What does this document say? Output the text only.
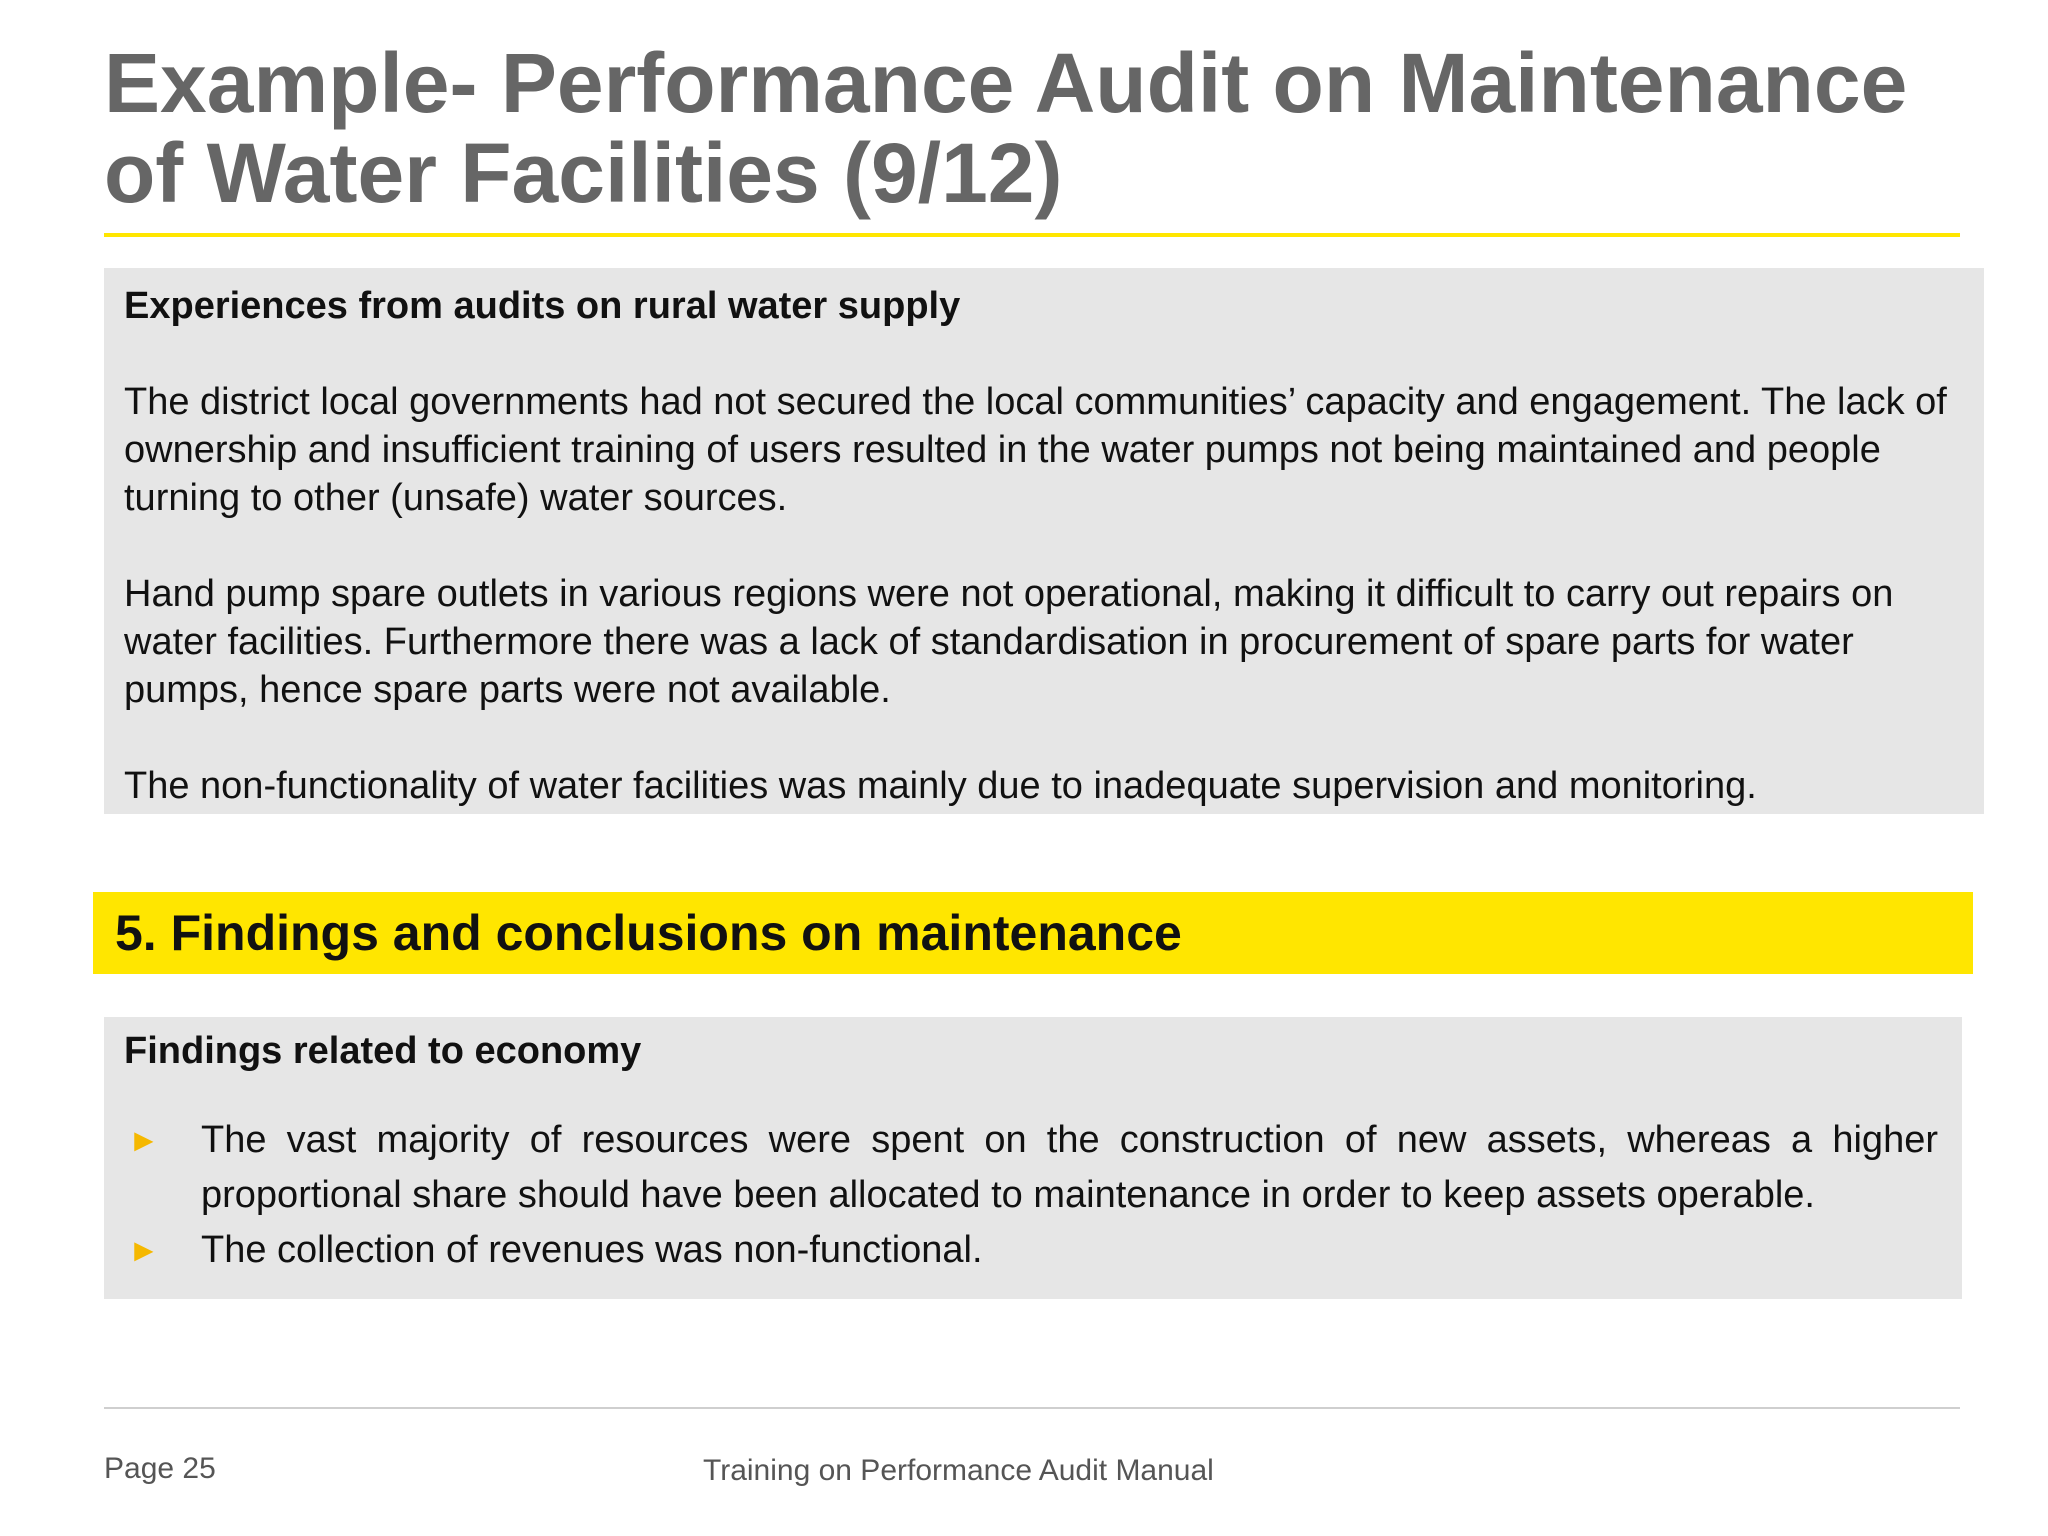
Example- Performance Audit on Maintenance of Water Facilities (9/12)
Experiences from audits on rural water supply
The district local governments had not secured the local communities’ capacity and engagement. The lack of ownership and insufficient training of users resulted in the water pumps not being maintained and people turning to other (unsafe) water sources.
Hand pump spare outlets in various regions were not operational, making it difficult to carry out repairs on water facilities. Furthermore there was a lack of standardisation in procurement of spare parts for water pumps, hence spare parts were not available.
The non-functionality of water facilities was mainly due to inadequate supervision and monitoring.
5. Findings and conclusions on maintenance
Findings related to economy
► The vast majority of resources were spent on the construction of new assets, whereas a higher proportional share should have been allocated to maintenance in order to keep assets operable.
► The collection of revenues was non-functional.
Page 25	Training on Performance Audit Manual
